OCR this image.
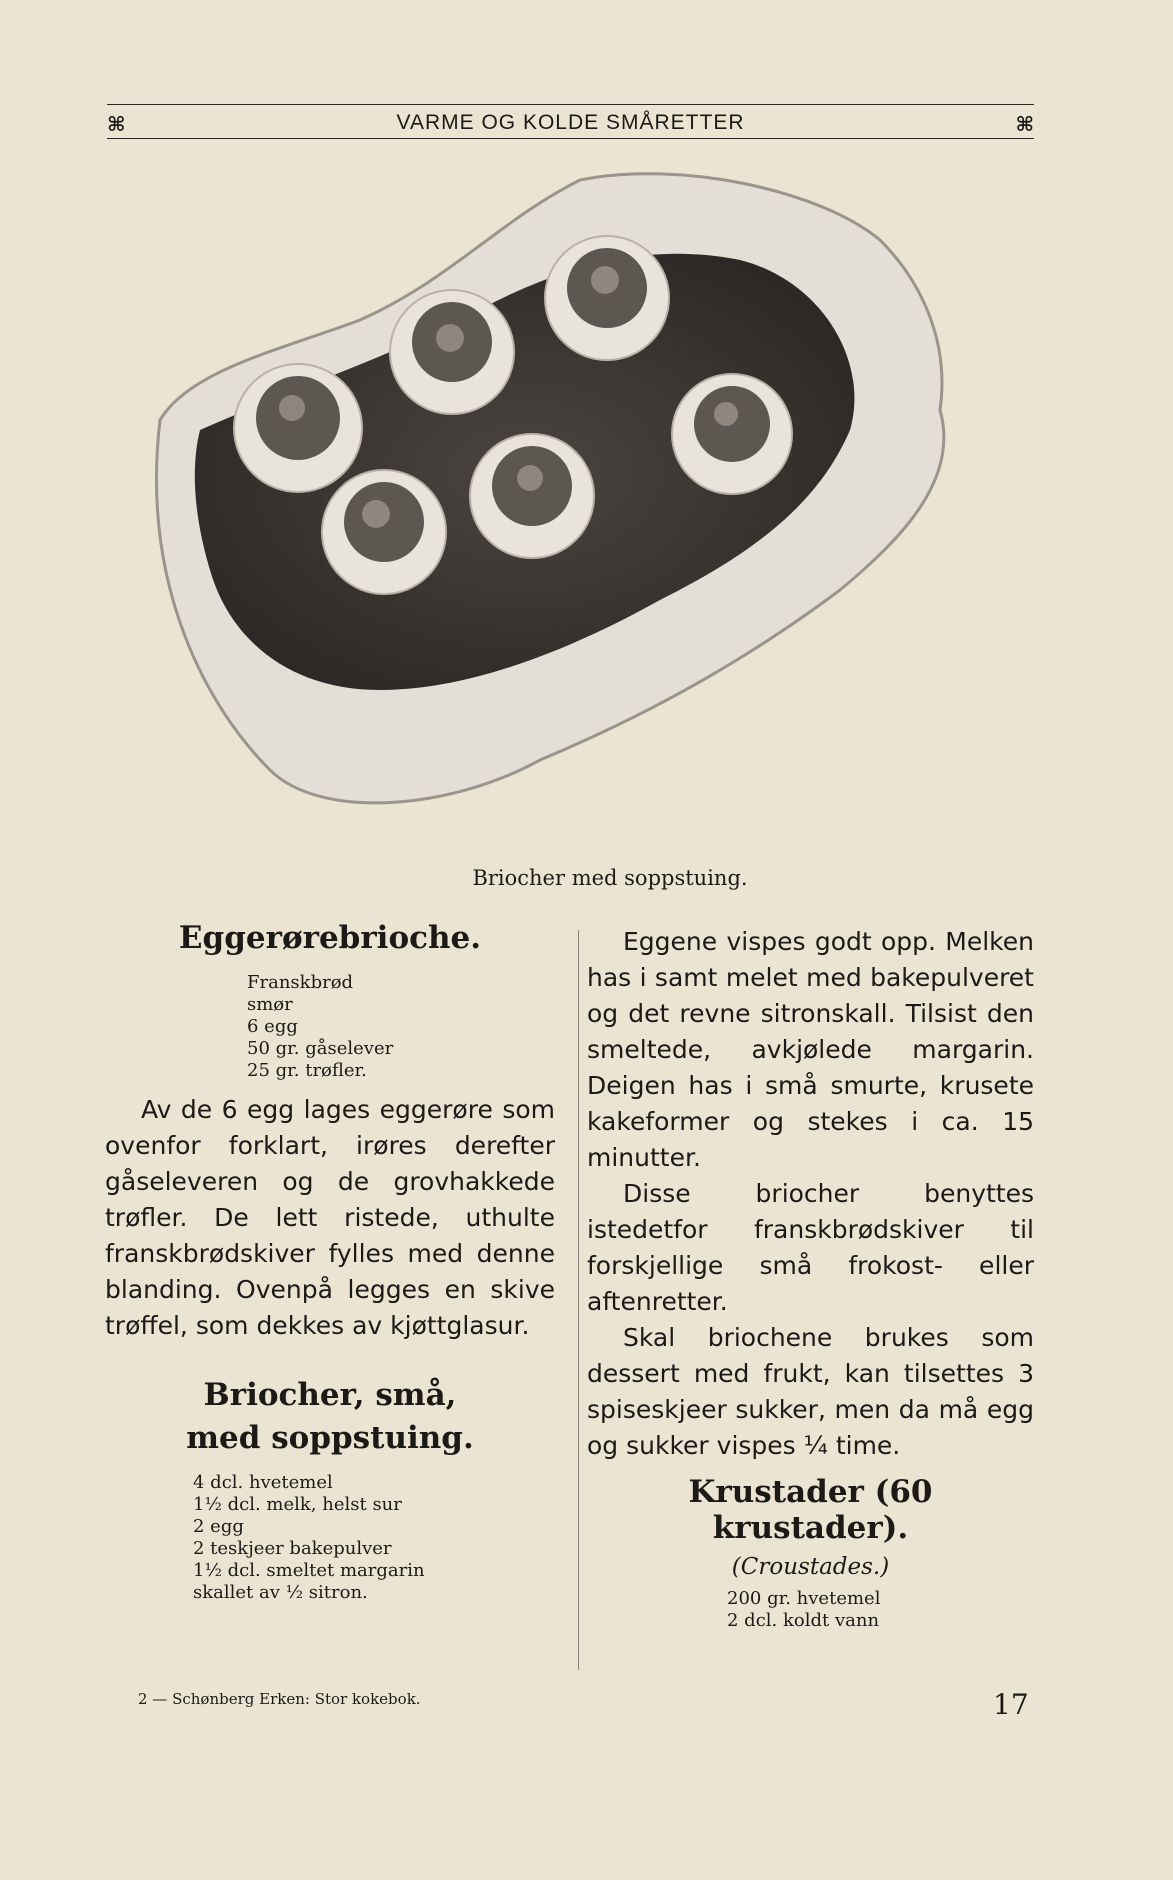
⌘	VARME OG KOLDE SMÅRETTER	⌘
Briocher med soppstuing.
Eggerørebrioche.
Franskbrød
smør
6 egg
50 gr. gåselever
25 gr. trøfler.
Av de 6 egg lages eggerøre som ovenfor forklart, irøres derefter gåseleveren og de grovhakkede trøfler. De lett ristede, uthulte franskbrødskiver fylles med denne blanding. Ovenpå legges en skive trøffel, som dekkes av kjøttglasur.
Briocher, små,
med soppstuing.
4 dcl. hvetemel
1½ dcl. melk, helst sur
2 egg
2 teskjeer bakepulver
1½ dcl. smeltet margarin
skallet av ½ sitron.
Eggene vispes godt opp. Melken has i samt melet med bakepulveret og det revne sitronskall. Tilsist den smeltede, avkjølede margarin. Deigen has i små smurte, krusete kakeformer og stekes i ca. 15 minutter.
Disse briocher benyttes istedetfor franskbrødskiver til forskjellige små frokost- eller aftenretter.
Skal briochene brukes som dessert med frukt, kan tilsettes 3 spiseskjeer sukker, men da må egg og sukker vispes ¼ time.
Krustader (60 krustader).
(Croustades.)
200 gr. hvetemel
2 dcl. koldt vann
2 — Schønberg Erken: Stor kokebok.	17
